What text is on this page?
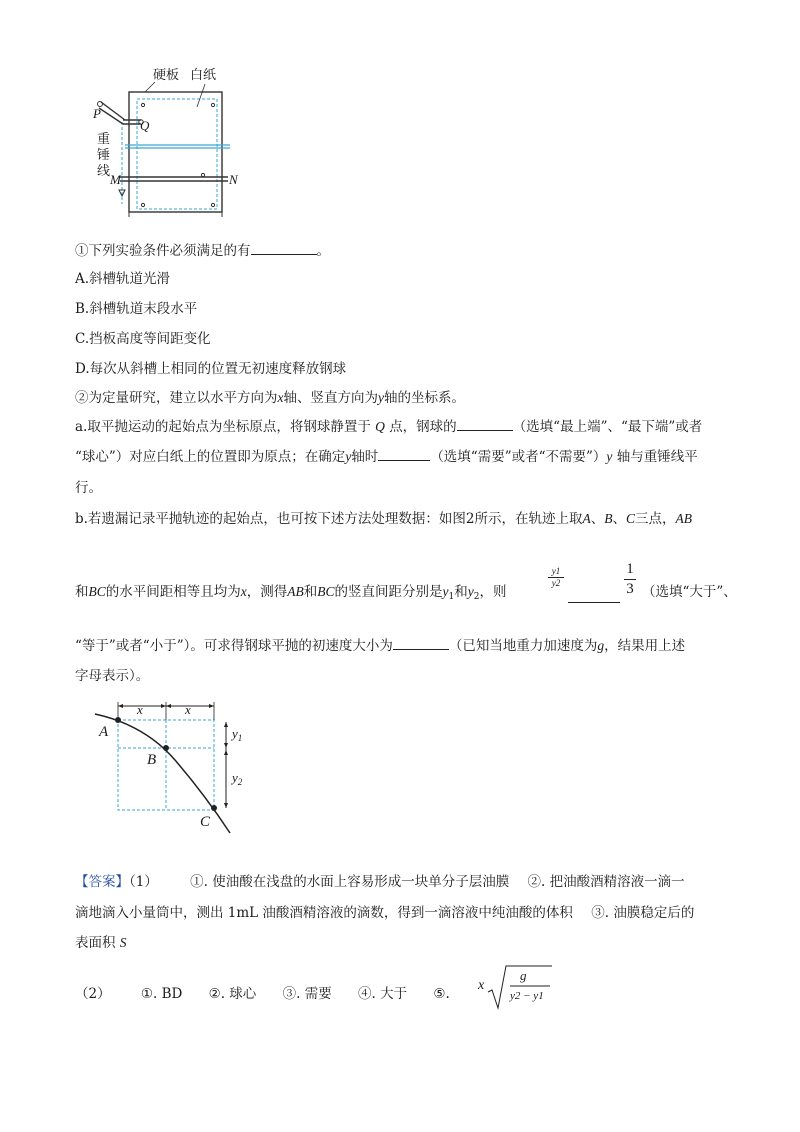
硬板 白纸
P
Q
重
锤
线
M	N
①下列实验条件必须满足的有	。
A.斜槽轨道光滑
B.斜槽轨道末段水平
C.挡板高度等间距变化
D.每次从斜槽上相同的位置无初速度释放钢球
②为定量研究，建立以水平方向为x轴、竖直方向为y轴的坐标系。
a.取平抛运动的起始点为坐标原点，将钢球静置于 Q 点，钢球的	（选填“最上端”、“最下端”或者
“球心”）对应白纸上的位置即为原点；在确定y轴时	（选填“需要”或者“不需要”）y 轴与重锤线平
行。
b.若遗漏记录平抛轨迹的起始点，也可按下述方法处理数据：如图2所示，在轨迹上取A、B、C三点，AB
和BC的水平间距相等且均为x，测得AB和BC的竖直间距分别是$y_1$和$y_2$，则
$\frac{y1}{y2}$	$\frac{1}{3}$ （选填“大于”、
“等于”或者“小于”）。可求得钢球平抛的初速度大小为	（已知当地重力加速度为g，结果用上述
字母表示）。
x	x
$y_1$
$y_2$
A
B
C
【答案】（1） ①. 使油酸在浅盘的水面上容易形成一块单分子层油膜 ②. 把油酸酒精溶液一滴一
滴地滴入小量筒中，测出 1mL 油酸酒精溶液的滴数，得到一滴溶液中纯油酸的体积 ③. 油膜稳定后的
表面积 S
（2） ①. BD ②. 球心 ③. 需要 ④. 大于 ⑤.
x
g
y2 − y1
